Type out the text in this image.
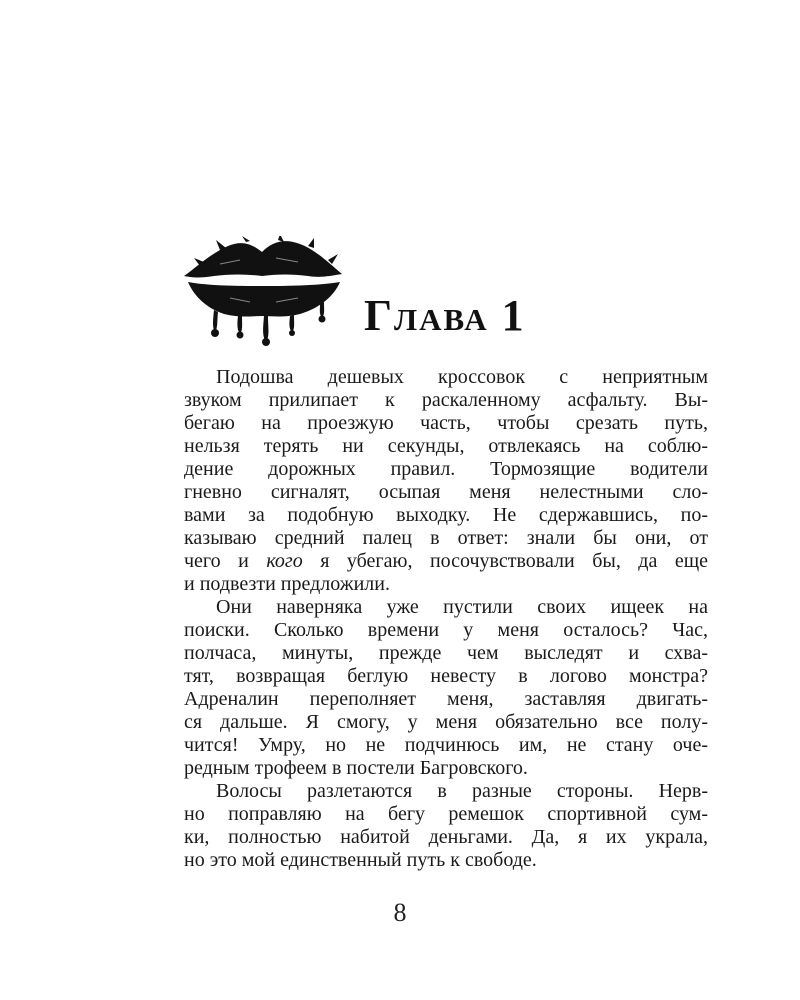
Глава 1
Подошва дешевых кроссовок с неприятным
звуком прилипает к раскаленному асфальту. Вы-
бегаю на проезжую часть, чтобы срезать путь,
нельзя терять ни секунды, отвлекаясь на соблю-
дение дорожных правил. Тормозящие водители
гневно сигналят, осыпая меня нелестными сло-
вами за подобную выходку. Не сдержавшись, по-
казываю средний палец в ответ: знали бы они, от
чего и кого я убегаю, посочувствовали бы, да еще
и подвезти предложили.
Они наверняка уже пустили своих ищеек на
поиски. Сколько времени у меня осталось? Час,
полчаса, минуты, прежде чем выследят и схва-
тят, возвращая беглую невесту в логово монстра?
Адреналин переполняет меня, заставляя двигать-
ся дальше. Я смогу, у меня обязательно все полу-
чится! Умру, но не подчинюсь им, не стану оче-
редным трофеем в постели Багровского.
Волосы разлетаются в разные стороны. Нерв-
но поправляю на бегу ремешок спортивной сум-
ки, полностью набитой деньгами. Да, я их украла,
но это мой единственный путь к свободе.
8
